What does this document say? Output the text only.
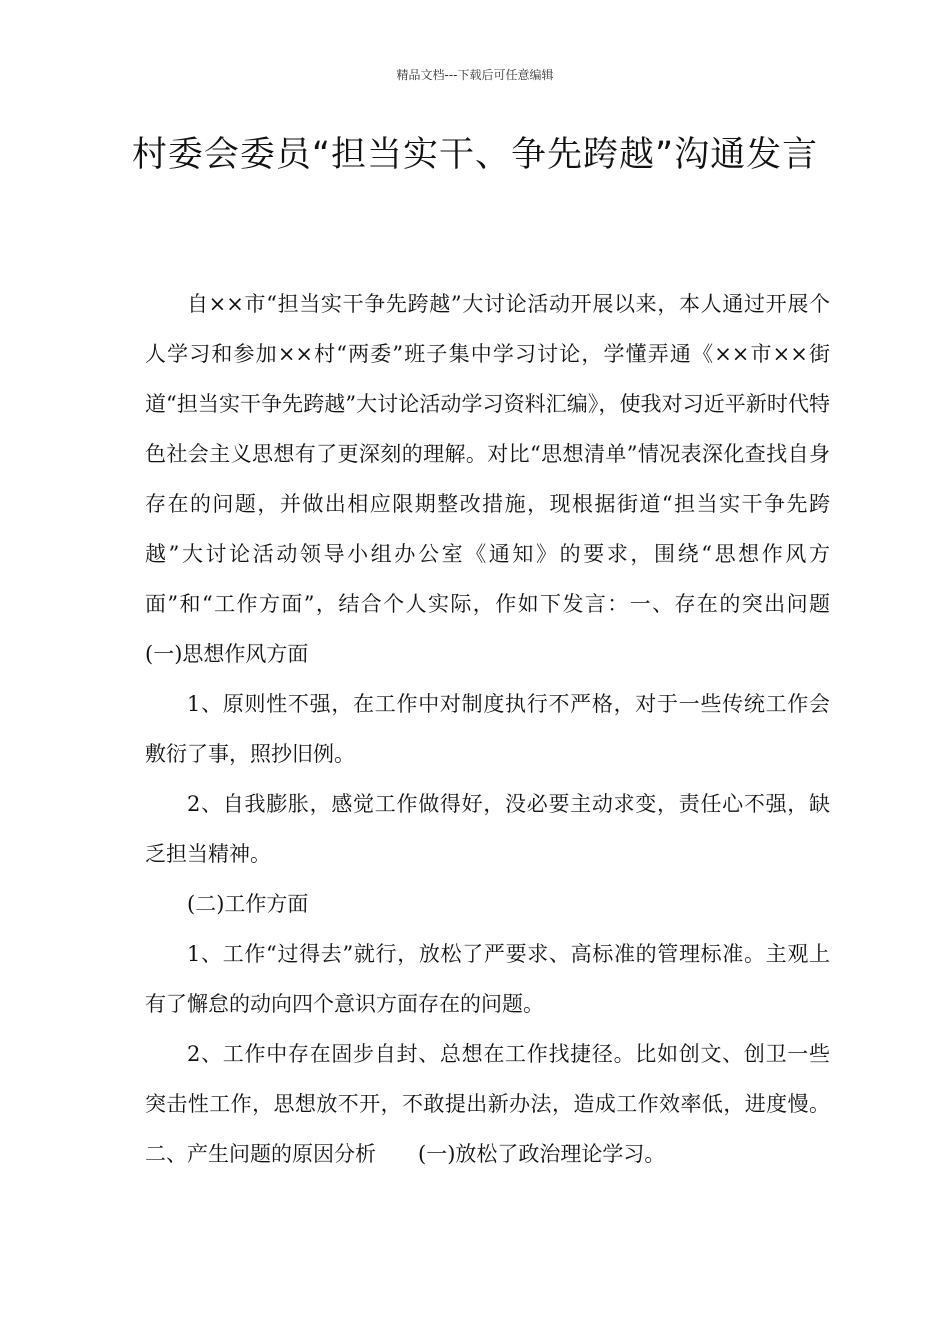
精品文档---下载后可任意编辑
村委会委员“担当实干、争先跨越”沟通发言

自××市“担当实干争先跨越”大讨论活动开展以来，本人通过开展个人学习和参加××村“两委”班子集中学习讨论，学懂弄通《××市××街道“担当实干争先跨越”大讨论活动学习资料汇编》，使我对习近平新时代特色社会主义思想有了更深刻的理解。对比“思想清单”情况表深化查找自身存在的问题，并做出相应限期整改措施，现根据街道“担当实干争先跨越”大讨论活动领导小组办公室《通知》的要求，围绕“思想作风方面”和“工作方面”，结合个人实际，作如下发言：一、存在的突出问题　　(一)思想作风方面

1、原则性不强，在工作中对制度执行不严格，对于一些传统工作会敷衍了事，照抄旧例。

2、自我膨胀，感觉工作做得好，没必要主动求变，责任心不强，缺乏担当精神。

(二)工作方面

1、工作“过得去”就行，放松了严要求、高标准的管理标准。主观上有了懈怠的动向四个意识方面存在的问题。

2、工作中存在固步自封、总想在工作找捷径。比如创文、创卫一些突击性工作，思想放不开，不敢提出新办法，造成工作效率低，进度慢。二、产生问题的原因分析　　(一)放松了政治理论学习。
